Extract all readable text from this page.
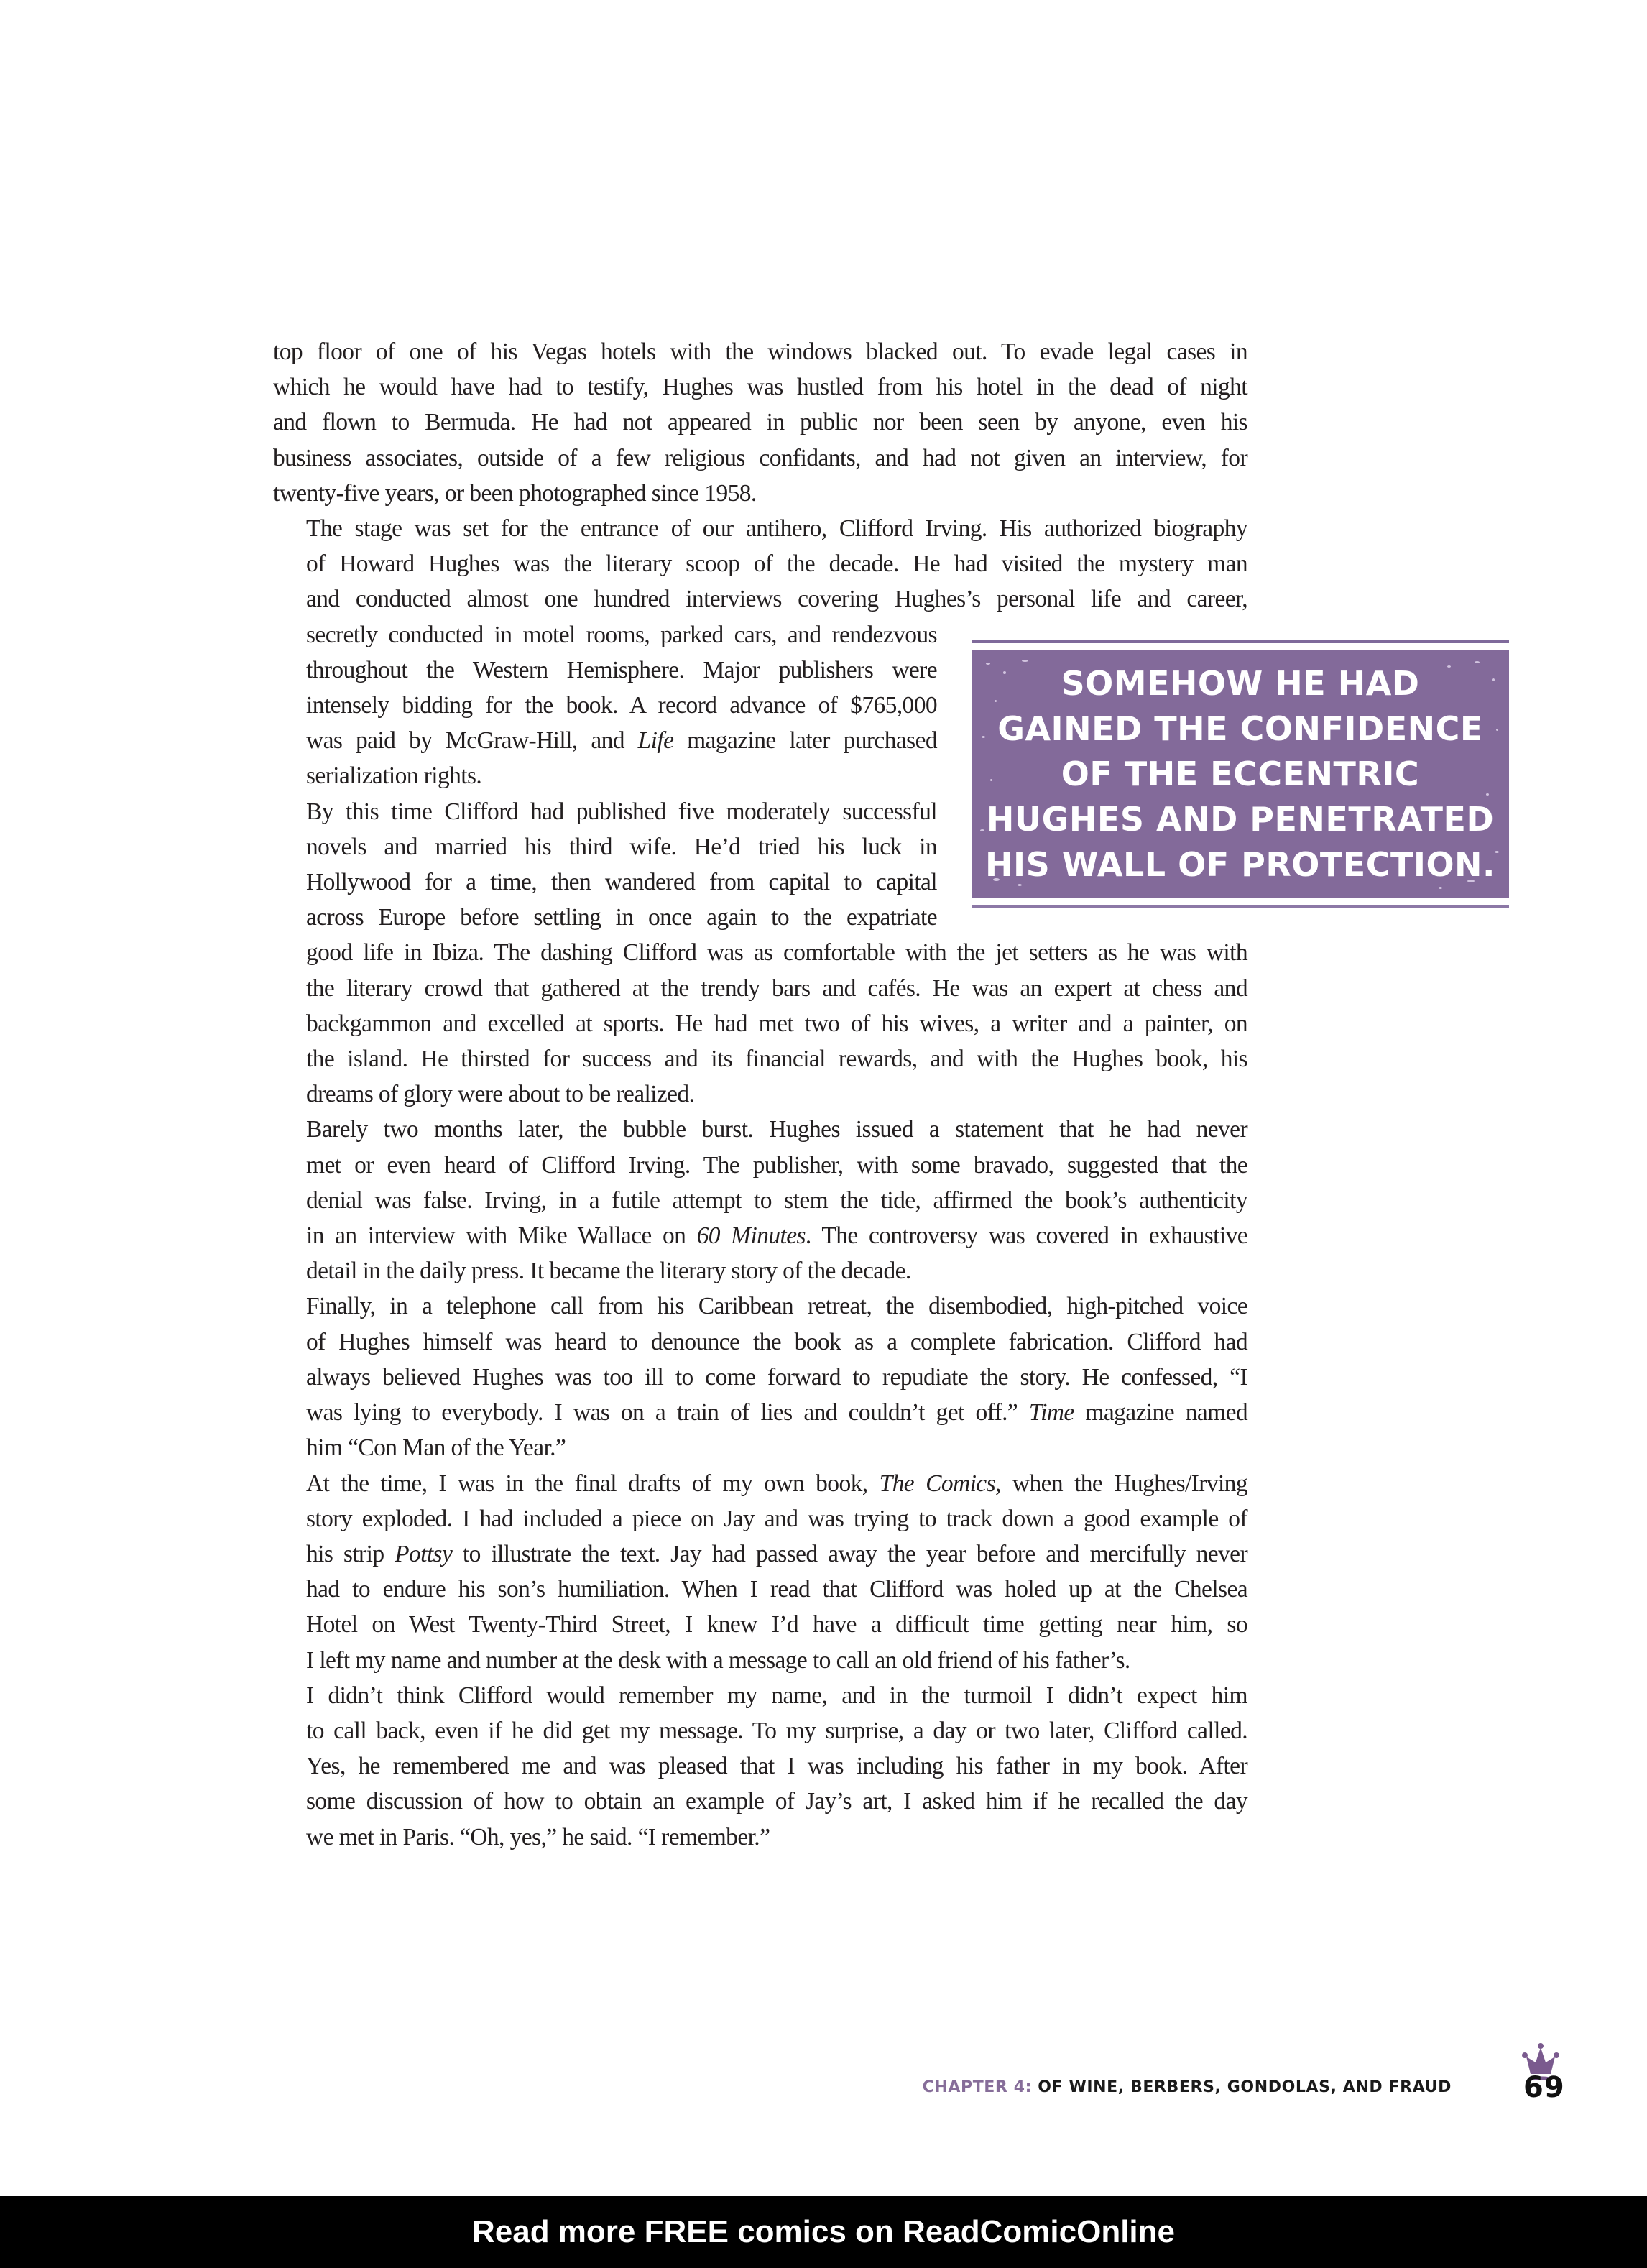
top floor of one of his Vegas hotels with the windows blacked out. To evade legal cases in
which he would have had to testify, Hughes was hustled from his hotel in the dead of night
and flown to Bermuda. He had not appeared in public nor been seen by anyone, even his
business associates, outside of a few religious confidants, and had not given an interview, for
twenty-five years, or been photographed since 1958.

The stage was set for the entrance of our antihero, Clifford Irving. His authorized biography
of Howard Hughes was the literary scoop of the decade. He had visited the mystery man
and conducted almost one hundred interviews covering Hughes’s personal life and career,
secretly conducted in motel rooms, parked cars, and rendezvous
throughout the Western Hemisphere. Major publishers were
intensely bidding for the book. A record advance of $765,000
was paid by McGraw-Hill, and Life magazine later purchased
serialization rights.

By this time Clifford had published five moderately successful
novels and married his third wife. He’d tried his luck in
Hollywood for a time, then wandered from capital to capital
across Europe before settling in once again to the expatriate
good life in Ibiza. The dashing Clifford was as comfortable with the jet setters as he was with
the literary crowd that gathered at the trendy bars and cafés. He was an expert at chess and
backgammon and excelled at sports. He had met two of his wives, a writer and a painter, on
the island. He thirsted for success and its financial rewards, and with the Hughes book, his
dreams of glory were about to be realized.

Barely two months later, the bubble burst. Hughes issued a statement that he had never
met or even heard of Clifford Irving. The publisher, with some bravado, suggested that the
denial was false. Irving, in a futile attempt to stem the tide, affirmed the book’s authenticity
in an interview with Mike Wallace on 60 Minutes. The controversy was covered in exhaustive
detail in the daily press. It became the literary story of the decade.

Finally, in a telephone call from his Caribbean retreat, the disembodied, high-pitched voice
of Hughes himself was heard to denounce the book as a complete fabrication. Clifford had
always believed Hughes was too ill to come forward to repudiate the story. He confessed, “I
was lying to everybody. I was on a train of lies and couldn’t get off.” Time magazine named
him “Con Man of the Year.”

At the time, I was in the final drafts of my own book, The Comics, when the Hughes/Irving
story exploded. I had included a piece on Jay and was trying to track down a good example of
his strip Pottsy to illustrate the text. Jay had passed away the year before and mercifully never
had to endure his son’s humiliation. When I read that Clifford was holed up at the Chelsea
Hotel on West Twenty-Third Street, I knew I’d have a difficult time getting near him, so
I left my name and number at the desk with a message to call an old friend of his father’s.

I didn’t think Clifford would remember my name, and in the turmoil I didn’t expect him
to call back, even if he did get my message. To my surprise, a day or two later, Clifford called.
Yes, he remembered me and was pleased that I was including his father in my book. After
some discussion of how to obtain an example of Jay’s art, I asked him if he recalled the day
we met in Paris. “Oh, yes,” he said. “I remember.”

SOMEHOW HE HAD
GAINED THE CONFIDENCE
OF THE ECCENTRIC
HUGHES AND PENETRATED
HIS WALL OF PROTECTION.
CHAPTER 4: OF WINE, BERBERS, GONDOLAS, AND FRAUD	69
Read more FREE comics on ReadComicOnline
